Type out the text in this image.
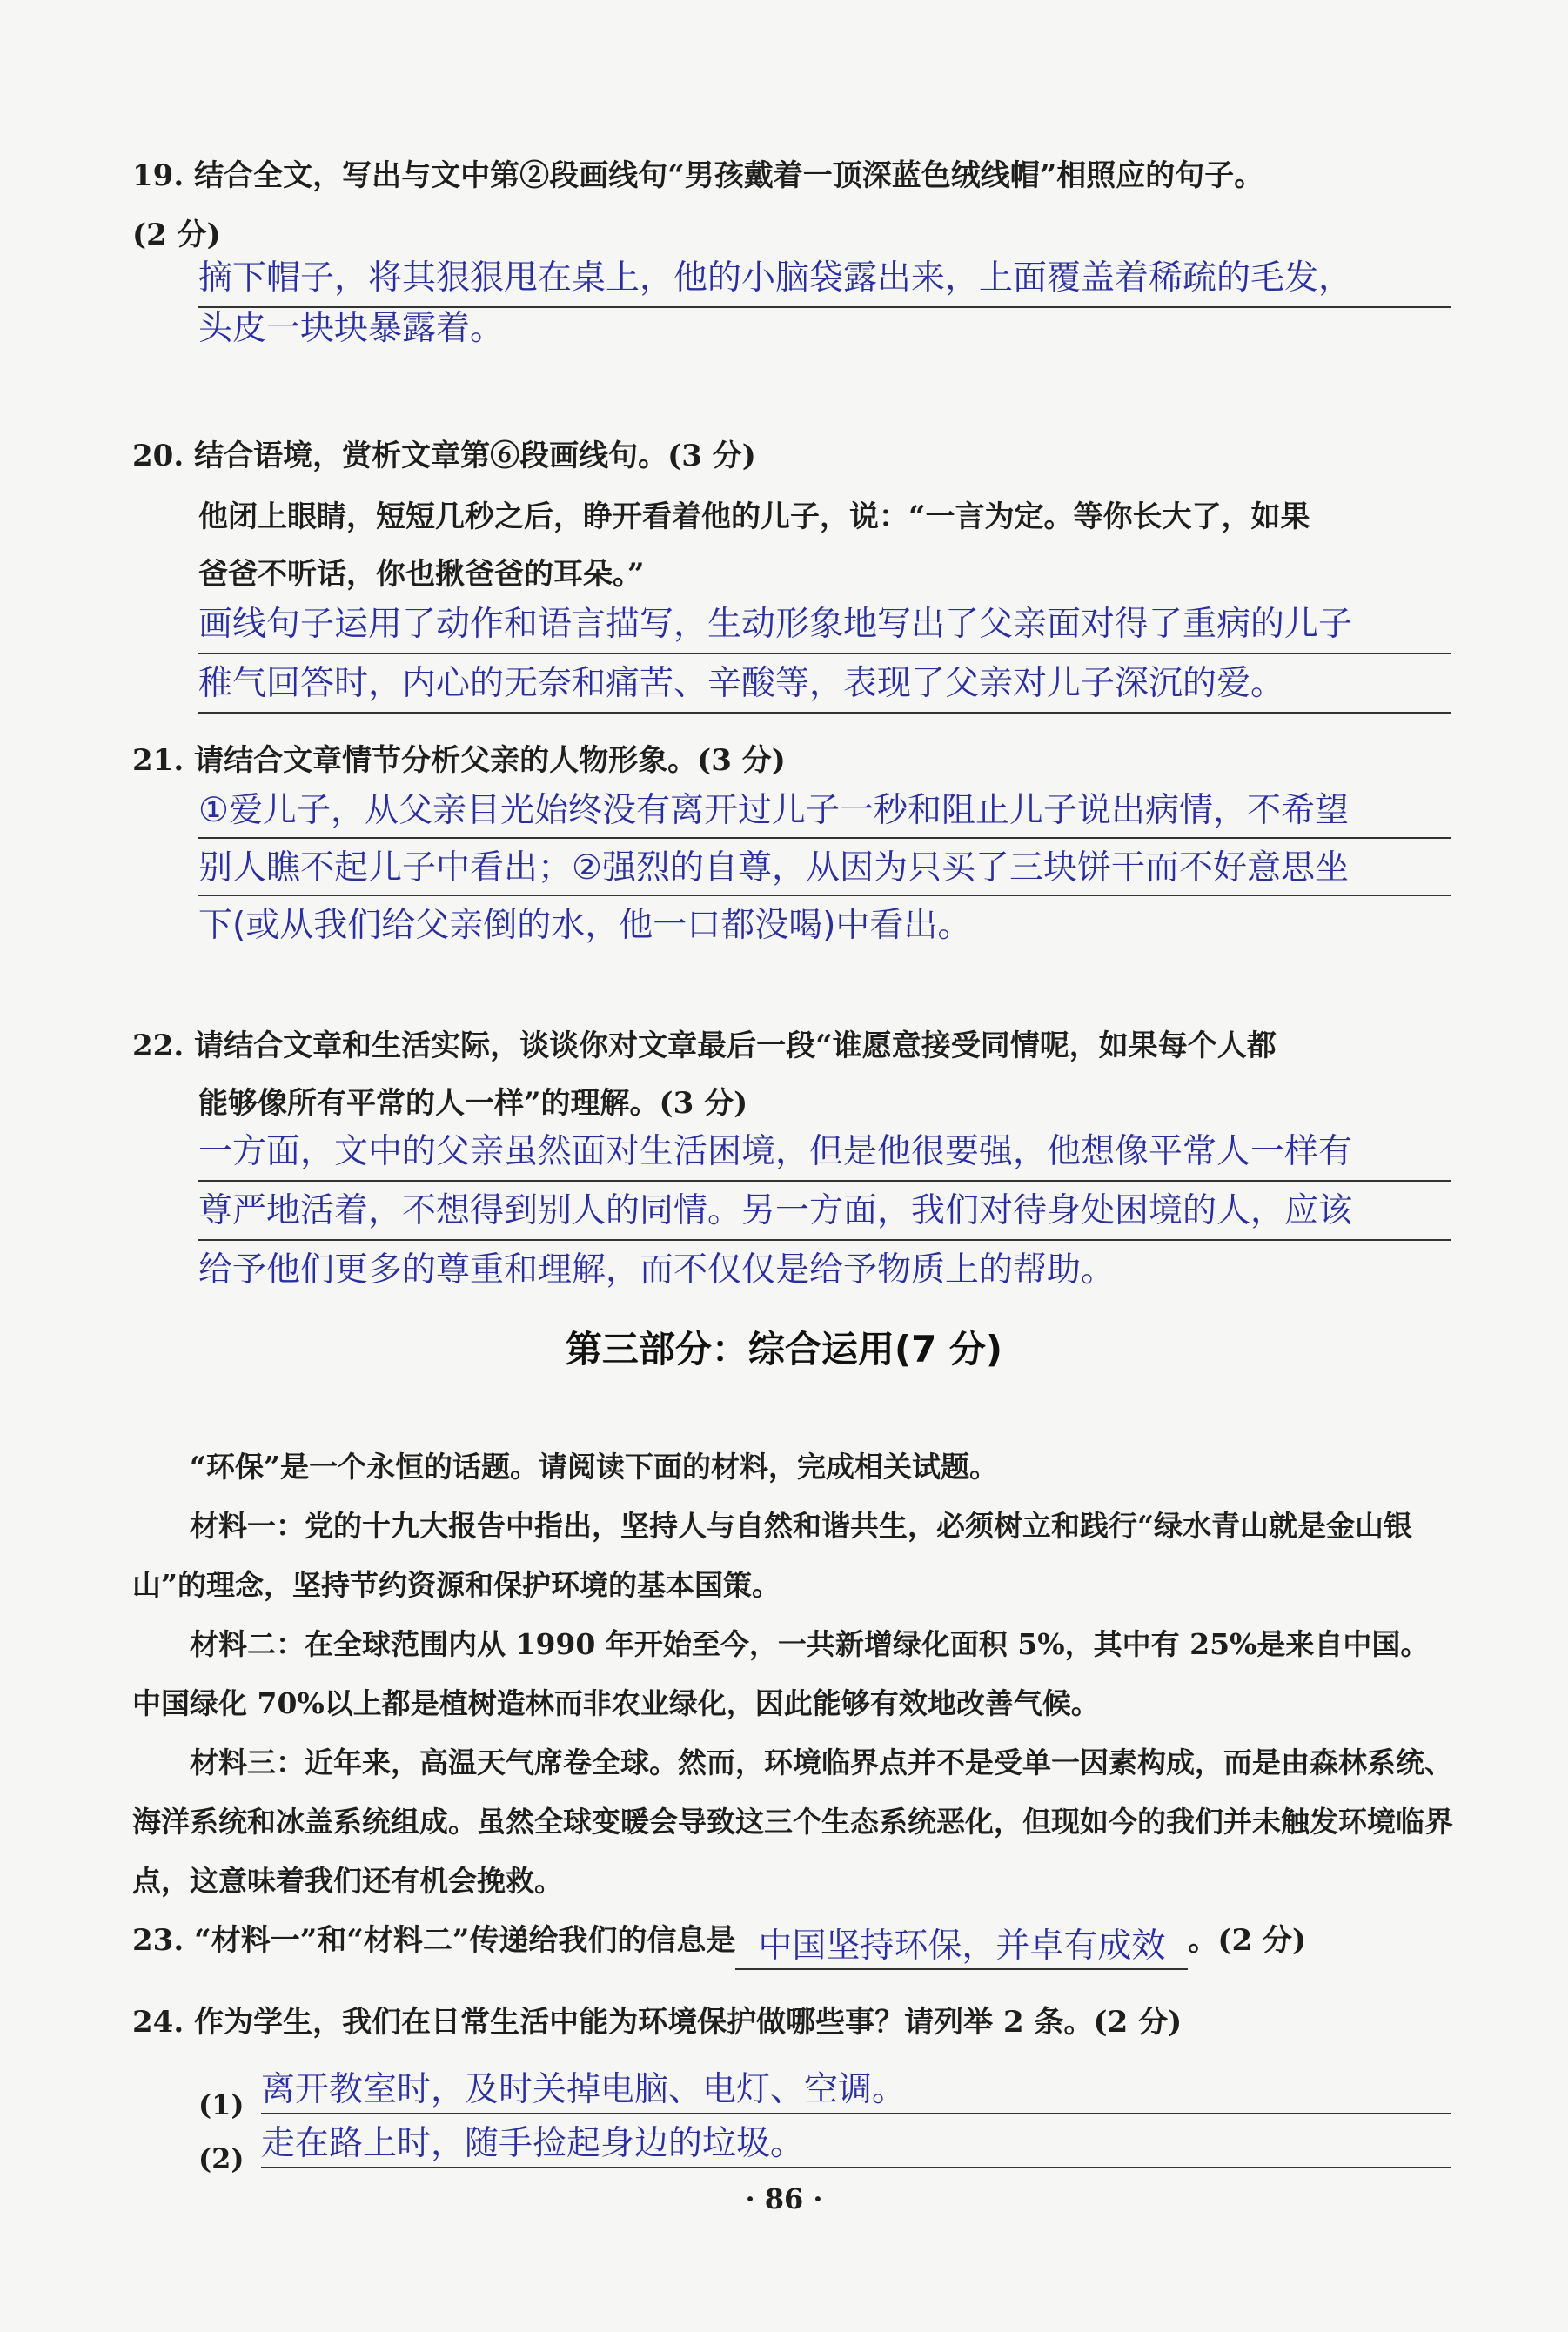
19. 结合全文，写出与文中第②段画线句“男孩戴着一顶深蓝色绒线帽”相照应的句子。
(2 分)
摘下帽子，将其狠狠甩在桌上，他的小脑袋露出来，上面覆盖着稀疏的毛发，
头皮一块块暴露着。
20. 结合语境，赏析文章第⑥段画线句。(3 分)
他闭上眼睛，短短几秒之后，睁开看着他的儿子，说：“一言为定。等你长大了，如果
爸爸不听话，你也揪爸爸的耳朵。”
画线句子运用了动作和语言描写，生动形象地写出了父亲面对得了重病的儿子
稚气回答时，内心的无奈和痛苦、辛酸等，表现了父亲对儿子深沉的爱。
21. 请结合文章情节分析父亲的人物形象。(3 分)
①爱儿子，从父亲目光始终没有离开过儿子一秒和阻止儿子说出病情，不希望
别人瞧不起儿子中看出；②强烈的自尊，从因为只买了三块饼干而不好意思坐
下(或从我们给父亲倒的水，他一口都没喝)中看出。
22. 请结合文章和生活实际，谈谈你对文章最后一段“谁愿意接受同情呢，如果每个人都
能够像所有平常的人一样”的理解。(3 分)
一方面，文中的父亲虽然面对生活困境，但是他很要强，他想像平常人一样有
尊严地活着，不想得到别人的同情。另一方面，我们对待身处困境的人，应该
给予他们更多的尊重和理解，而不仅仅是给予物质上的帮助。
第三部分：综合运用(7 分)
“环保”是一个永恒的话题。请阅读下面的材料，完成相关试题。
材料一：党的十九大报告中指出，坚持人与自然和谐共生，必须树立和践行“绿水青山就是金山银山”的理念，坚持节约资源和保护环境的基本国策。
材料二：在全球范围内从 1990 年开始至今，一共新增绿化面积 5%，其中有 25%是来自中国。中国绿化 70%以上都是植树造林而非农业绿化，因此能够有效地改善气候。
材料三：近年来，高温天气席卷全球。然而，环境临界点并不是受单一因素构成，而是由森林系统、海洋系统和冰盖系统组成。虽然全球变暖会导致这三个生态系统恶化，但现如今的我们并未触发环境临界点，这意味着我们还有机会挽救。
23. “材料一”和“材料二”传递给我们的信息是 中国坚持环保，并卓有成效 。(2 分)
24. 作为学生，我们在日常生活中能为环境保护做哪些事？请列举 2 条。(2 分)
(1) 离开教室时，及时关掉电脑、电灯、空调。
(2) 走在路上时，随手捡起身边的垃圾。
· 86 ·
